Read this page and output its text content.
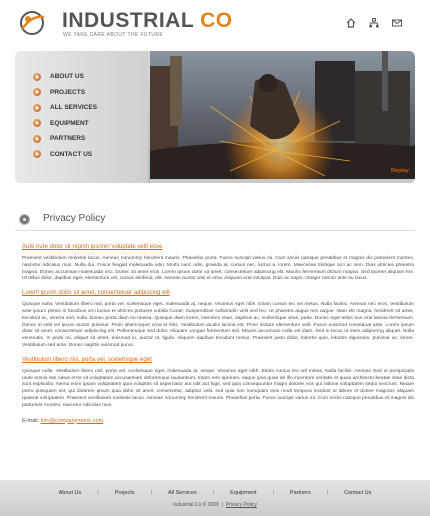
INDUSTRIAL CO
WE TAKE CARE ABOUT THE FUTURE
ABOUT US
PROJECTS
ALL SERVICES
EQUIPMENT
PARTNERS
CONTACT US
Replay
Privacy Policy
Aute irure dolor sit repnin ipsnnin voluptate velit esse

Praesent vestibulum molestie lacus. Aenean nonummy hendrerit mauris. Phasellus porta. Fusce suscipit varius mi. Cum sociis natoque penatibus et magnis dis parturient montes, nascetur ridiculus mus. Nulla dui. Fusce feugiat malesuada odio. Morbi nunc odio, gravida at, cursus nec, luctus a, lorem. Maecenas tristique orci ac sem. Duis ultricies pharetra magna. Donec accumsan malesuada orci. Donec sit amet eros. Lorem ipsum dolor sit amet, consectetuer adipiscing elit. Mauris fermentum dictum magna. Sed laoreet aliquam leo. Ut tellus dolor, dapibus eget, elementum vel, cursus eleifend, elit. Aenean auctor wisi et urna. Aliquam erat volutpat. Duis ac turpis. Integer rutrum ante eu lacus.

Lorem ipsum dolor sit amet, consectetuer adipiscing elit

Quisque nulla. Vestibulum libero nisl, porta vel, scelerisque eget, malesuada at, neque. Vivamus eget nibh. Etiam cursus leo vel metus. Nulla facilisi. Aenean nec eros. Vestibulum ante ipsum primis in faucibus orci luctus et ultrices posuere cubilia Curae; Suspendisse sollicitudin velit sed leo. Ut pharetra augue nec augue. Nam elit magna, hendrerit sit amet, tincidunt ac, viverra sed, nulla. Donec porta diam eu massa. Quisque diam lorem, interdum vitae, dapibus ac, scelerisque vitae, pede. Donec eget tellus non erat lacinia fermentum. Donec in velit vel ipsum auctor pulvinar. Proin ullamcorper urna et felis. Vestibulum iaculis lacinia est. Proin dictum elementum velit. Fusce euismod consequat ante. Lorem ipsum dolor sit amet, consectetuer adipiscing elit. Pellentesque sed dolor. Aliquam congue fermentum nisl. Mauris accumsan nulla vel diam. Sed in lacus ut enim adipiscing aliquet. Nulla venenatis. In pede mi, aliquet sit amet, euismod in, auctor ut, ligula. Aliquam dapibus tincidunt metus. Praesent justo dolor, lobortis quis, lobortis dignissim, pulvinar ac, lorem. Vestibulum sed ante. Donec sagittis euismod purus.

Vestibulum libero nisl, porta vel, scelerisque eget

Quisque nulla. Vestibulum libero nisl, porta vel, scelerisque eget, malesuada at, neque. Vivamus eget nibh. Etiam cursus leo vel metus. Nulla facilisi. Aenean Sed ut perspiciatis unde omnis iste natus error sit voluptatem accusantium doloremque laudantium, totam rem aperiam, eaque ipsa quae ab illo inventore veritatis et quasi architecto beatae vitae dicta sunt explicabo. Nemo enim ipsam voluptatem quia voluptas sit aspernatur aut odit aut fugit, sed quia consequuntur magni dolores eos qui ratione voluptatem sequi nesciunt. Neque porro quisquam est, qui dolorem ipsum quia dolor sit amet, consectetur, adipisci velit, sed quia non numquam eius modi tempora incidunt ut labore et dolore magnam aliquam quaerat voluptatem. Praesent vestibulum molestie lacus. Aenean nonummy hendrerit mauris. Phasellus porta. Fusce suscipit varius mi. Cum sociis natoque penatibus et magnis dis parturient montes, nascetur ridiculus mus.

E-mail: info@companyname.com
About Us	|	Projects	|	All Services	|	Equipment	|	Partners	|	Contact Us
Industrial Co © 2009 | Privacy Policy
